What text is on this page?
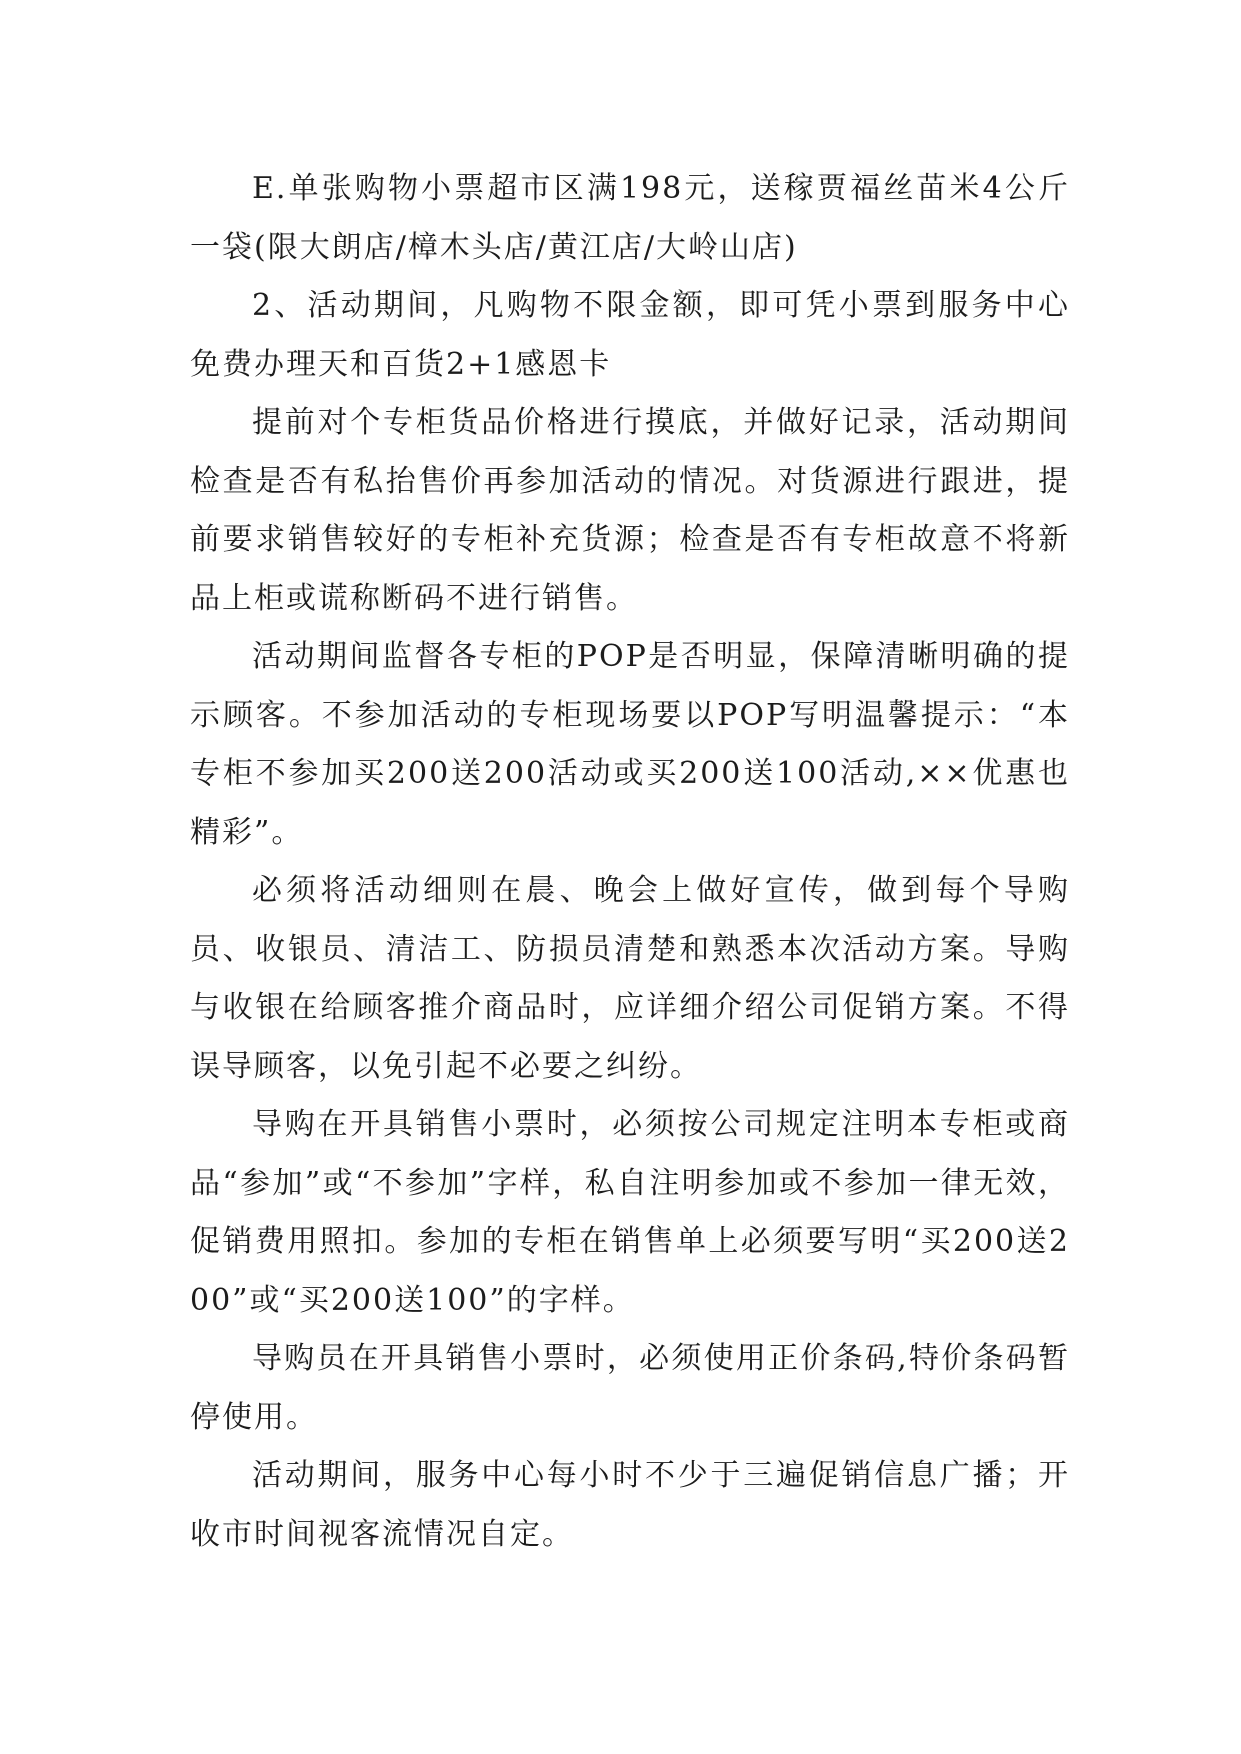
E.单张购物小票超市区满198元，送稼贾福丝苗米4公斤一袋(限大朗店/樟木头店/黄江店/大岭山店)

2、活动期间，凡购物不限金额，即可凭小票到服务中心免费办理天和百货2+1感恩卡

提前对个专柜货品价格进行摸底，并做好记录，活动期间检查是否有私抬售价再参加活动的情况。对货源进行跟进，提前要求销售较好的专柜补充货源；检查是否有专柜故意不将新品上柜或谎称断码不进行销售。

活动期间监督各专柜的POP是否明显，保障清晰明确的提示顾客。不参加活动的专柜现场要以POP写明温馨提示：“本专柜不参加买200送200活动或买200送100活动,××优惠也精彩”。

必须将活动细则在晨、晚会上做好宣传，做到每个导购员、收银员、清洁工、防损员清楚和熟悉本次活动方案。导购与收银在给顾客推介商品时，应详细介绍公司促销方案。不得误导顾客，以免引起不必要之纠纷。

导购在开具销售小票时，必须按公司规定注明本专柜或商品“参加”或“不参加”字样，私自注明参加或不参加一律无效，促销费用照扣。参加的专柜在销售单上必须要写明“买200送200”或“买200送100”的字样。

导购员在开具销售小票时，必须使用正价条码,特价条码暂停使用。

活动期间，服务中心每小时不少于三遍促销信息广播；开收市时间视客流情况自定。
